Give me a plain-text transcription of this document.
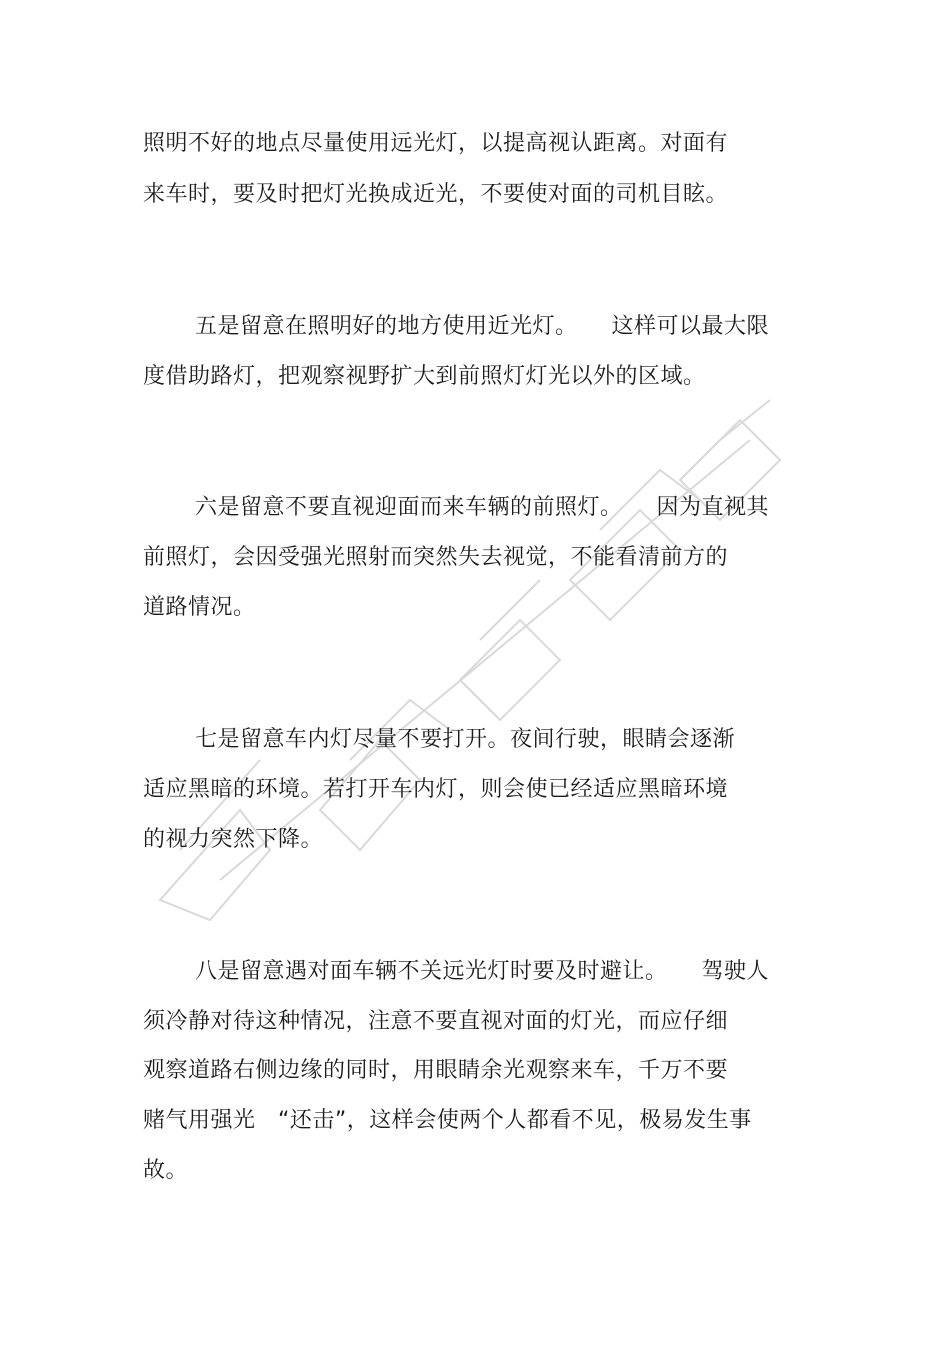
照明不好的地点尽量使用远光灯，以提高视认距离。对面有
来车时，要及时把灯光换成近光，不要使对面的司机目眩。
五是留意在照明好的地方使用近光灯。　　这样可以最大限
度借助路灯，把观察视野扩大到前照灯灯光以外的区域。
六是留意不要直视迎面而来车辆的前照灯。　　因为直视其
前照灯，会因受强光照射而突然失去视觉，不能看清前方的
道路情况。
七是留意车内灯尽量不要打开。夜间行驶，眼睛会逐渐
适应黑暗的环境。若打开车内灯，则会使已经适应黑暗环境
的视力突然下降。
八是留意遇对面车辆不关远光灯时要及时避让。　　驾驶人
须冷静对待这种情况，注意不要直视对面的灯光，而应仔细
观察道路右侧边缘的同时，用眼睛余光观察来车，千万不要
赌气用强光　“还击”，这样会使两个人都看不见，极易发生事
故。
